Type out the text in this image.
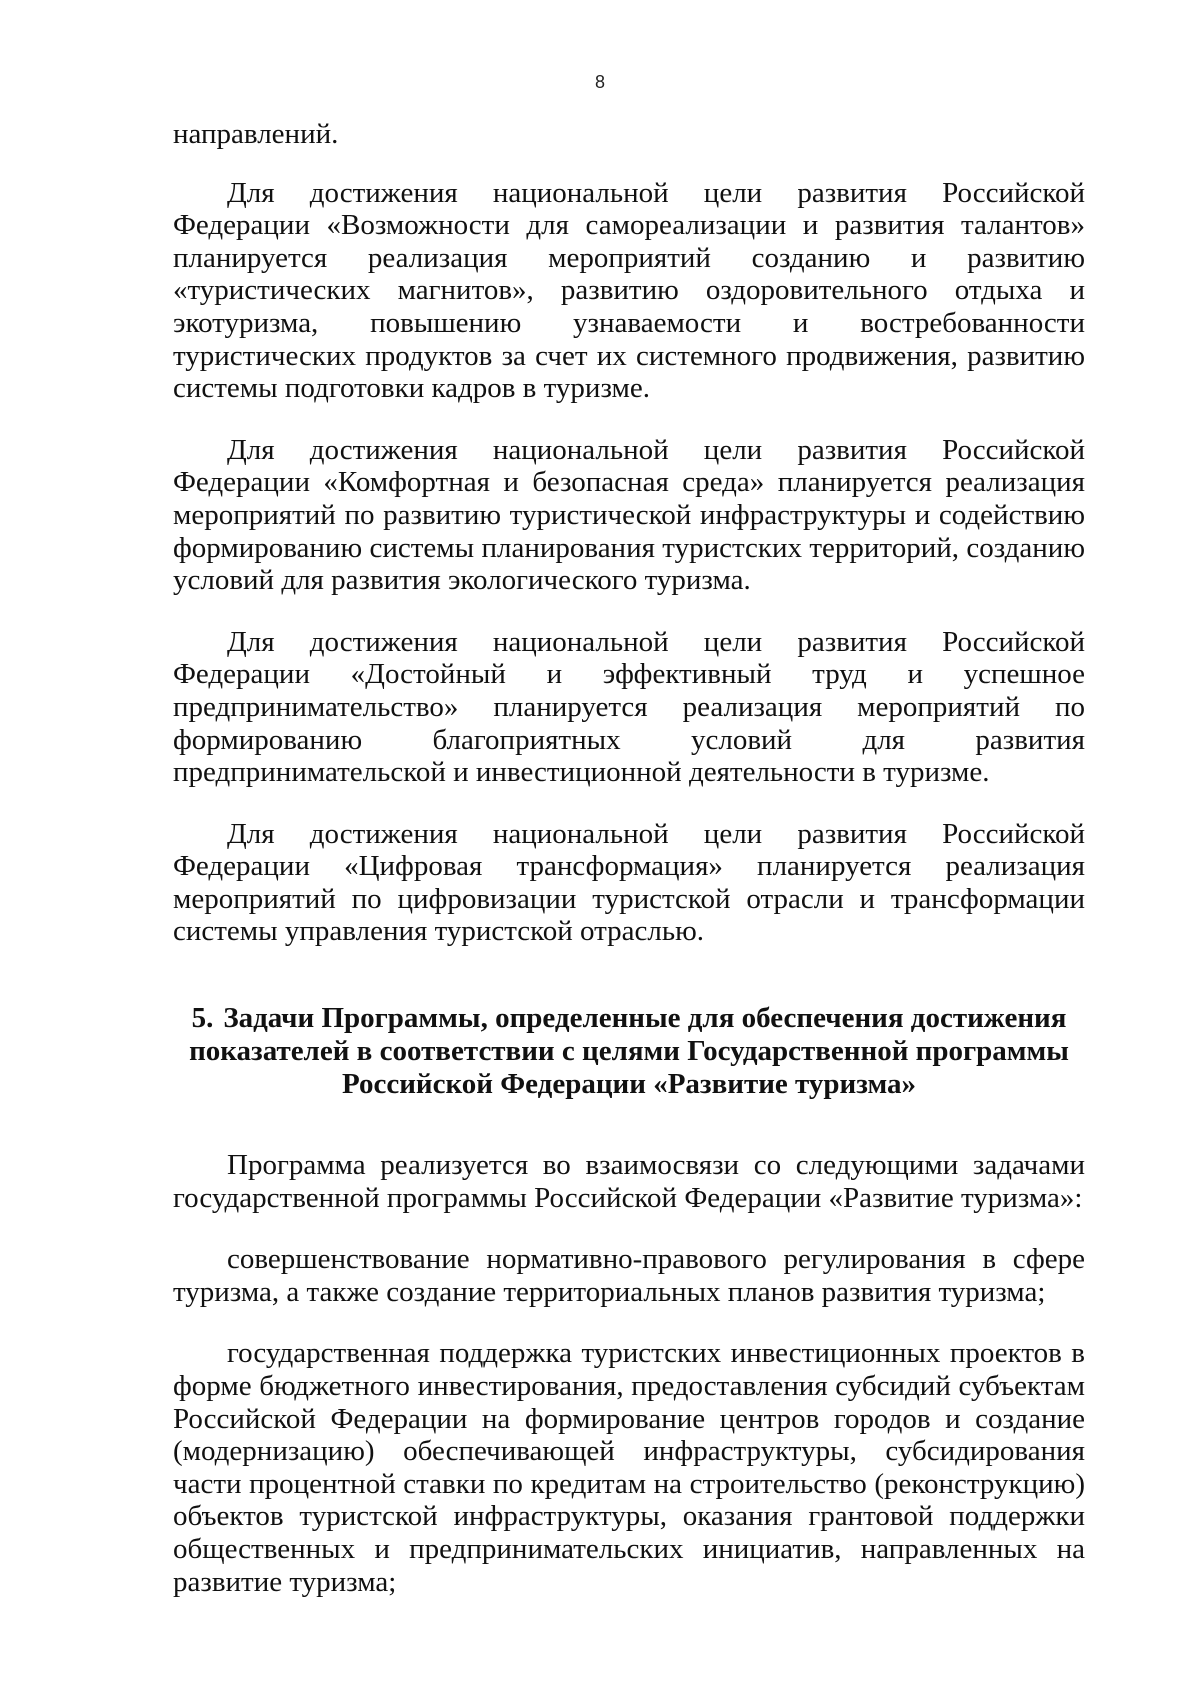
8

направлений.

Для достижения национальной цели развития Российской Федерации «Возможности для самореализации и развития талантов» планируется реализация мероприятий созданию и развитию «туристических магнитов», развитию оздоровительного отдыха и экотуризма, повышению узнаваемости и востребованности туристических продуктов за счет их системного продвижения, развитию системы подготовки кадров в туризме.

Для достижения национальной цели развития Российской Федерации «Комфортная и безопасная среда» планируется реализация мероприятий по развитию туристической инфраструктуры и содействию формированию системы планирования туристских территорий, созданию условий для развития экологического туризма.

Для достижения национальной цели развития Российской Федерации «Достойный и эффективный труд и успешное предпринимательство» планируется реализация мероприятий по формированию благоприятных условий для развития предпринимательской и инвестиционной деятельности в туризме.

Для достижения национальной цели развития Российской Федерации «Цифровая трансформация» планируется реализация мероприятий по цифровизации туристской отрасли и трансформации системы управления туристской отраслью.

5. Задачи Программы, определенные для обеспечения достижения показателей в соответствии с целями Государственной программы Российской Федерации «Развитие туризма»

Программа реализуется во взаимосвязи со следующими задачами государственной программы Российской Федерации «Развитие туризма»:

совершенствование нормативно-правового регулирования в сфере туризма, а также создание территориальных планов развития туризма;

государственная поддержка туристских инвестиционных проектов в форме бюджетного инвестирования, предоставления субсидий субъектам Российской Федерации на формирование центров городов и создание (модернизацию) обеспечивающей инфраструктуры, субсидирования части процентной ставки по кредитам на строительство (реконструкцию) объектов туристской инфраструктуры, оказания грантовой поддержки общественных и предпринимательских инициатив, направленных на развитие туризма;
